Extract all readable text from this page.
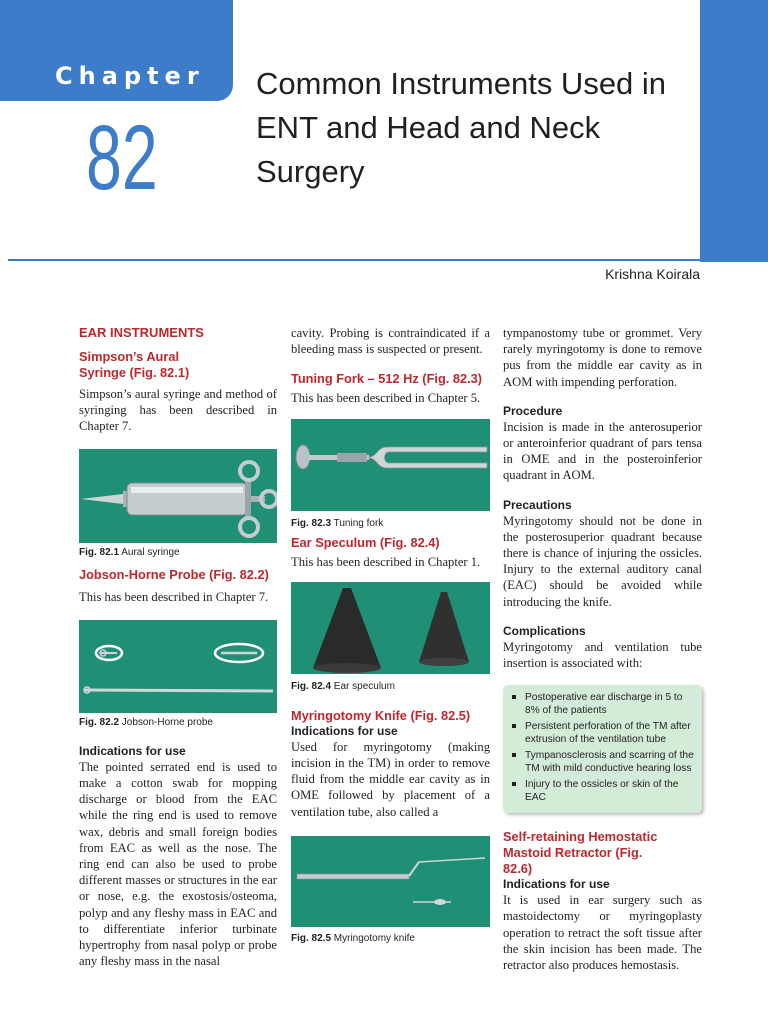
Chapter
82
Common Instruments Used in ENT and Head and Neck Surgery
Krishna Koirala
EAR INSTRUMENTS
Simpson’s Aural Syringe (Fig. 82.1)

Simpson’s aural syringe and method of syringing has been described in Chapter 7.

Fig. 82.1 Aural syringe
Jobson-Horne Probe (Fig. 82.2)

This has been described in Chapter 7.

Fig. 82.2 Jobson-Horne probe
Indications for use

The pointed serrated end is used to make a cotton swab for mopping discharge or blood from the EAC while the ring end is used to remove wax, debris and small foreign bodies from EAC as well as the nose. The ring end can also be used to probe different masses or structures in the ear or nose, e.g. the exostosis/osteoma, polyp and any fleshy mass in EAC and to differentiate inferior turbinate hypertrophy from nasal polyp or probe any fleshy mass in the nasal

cavity. Probing is contraindicated if a bleeding mass is suspected or present.

Tuning Fork – 512 Hz (Fig. 82.3)

This has been described in Chapter 5.

Fig. 82.3 Tuning fork
Ear Speculum (Fig. 82.4)

This has been described in Chapter 1.

Fig. 82.4 Ear speculum
Myringotomy Knife (Fig. 82.5)
Indications for use

Used for myringotomy (making incision in the TM) in order to remove fluid from the middle ear cavity as in OME followed by placement of a ventilation tube, also called a

Fig. 82.5 Myringotomy knife

tympanostomy tube or grommet. Very rarely myringotomy is done to remove pus from the middle ear cavity as in AOM with impending perforation.

Procedure

Incision is made in the anterosuperior or anteroinferior quadrant of pars tensa in OME and in the posteroinferior quadrant in AOM.

Precautions

Myringotomy should not be done in the posterosuperior quadrant because there is chance of injuring the ossicles. Injury to the external auditory canal (EAC) should be avoided while introducing the knife.

Complications

Myringotomy and ventilation tube insertion is associated with:

Postoperative ear discharge in 5 to 8% of the patients
Persistent perforation of the TM after extrusion of the ventilation tube
Tympanosclerosis and scarring of the TM with mild conductive hearing loss
Injury to the ossicles or skin of the EAC
Self-retaining Hemostatic Mastoid Retractor (Fig. 82.6)
Indications for use

It is used in ear surgery such as mastoidectomy or myringoplasty operation to retract the soft tissue after the skin incision has been made. The retractor also produces hemostasis.
